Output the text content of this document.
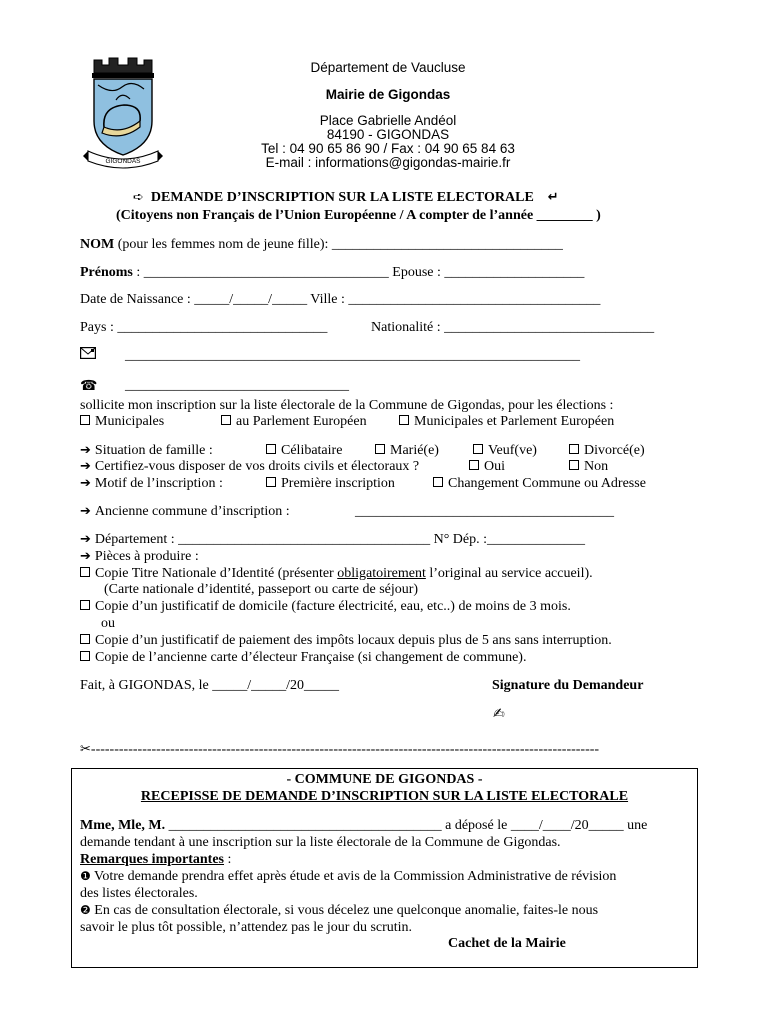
GIGONDAS
Département de Vaucluse
Mairie de Gigondas
Place Gabrielle Andéol
84190 - GIGONDAS
Tel : 04 90 65 86 90 / Fax : 04 90 65 84 63
E-mail : informations@gigondas-mairie.fr
➪ DEMANDE D’INSCRIPTION SUR LA LISTE ELECTORALE ↵
(Citoyens non Français de l’Union Européenne / A compter de l’année ________ )
NOM (pour les femmes nom de jeune fille): _________________________________
Prénoms : ___________________________________ Epouse : ____________________
Date de Naissance : _____/_____/_____ Ville : ____________________________________
Pays : ______________________________	Nationalité : ______________________________
_________________________________________________________________
☎ ________________________________
sollicite mon inscription sur la liste électorale de la Commune de Gigondas, pour les élections :
Municipales	au Parlement Européen	Municipales et Parlement Européen
➔ Situation de famille :	Célibataire	Marié(e)	Veuf(ve)	Divorcé(e)
➔ Certifiez-vous disposer de vos droits civils et électoraux ?	Oui	Non
➔ Motif de l’inscription :	Première inscription	Changement Commune ou Adresse
➔ Ancienne commune d’inscription :	_____________________________________
➔ Département : ____________________________________ N° Dép. :______________
➔ Pièces à produire :
Copie Titre Nationale d’Identité (présenter obligatoirement l’original au service accueil).
(Carte nationale d’identité, passeport ou carte de séjour)
Copie d’un justificatif de domicile (facture électricité, eau, etc..) de moins de 3 mois.
ou
Copie d’un justificatif de paiement des impôts locaux depuis plus de 5 ans sans interruption.
Copie de l’ancienne carte d’électeur Française (si changement de commune).
Fait, à GIGONDAS, le _____/_____/20_____	Signature du Demandeur
✍
✂-------------------------------------------------------------------------------------------------------------
- COMMUNE DE GIGONDAS -
RECEPISSE DE DEMANDE D’INSCRIPTION SUR LA LISTE ELECTORALE
Mme, Mle, M. _______________________________________ a déposé le ____/____/20_____ une
demande tendant à une inscription sur la liste électorale de la Commune de Gigondas.
Remarques importantes :
❶ Votre demande prendra effet après étude et avis de la Commission Administrative de révision
des listes électorales.
❷ En cas de consultation électorale, si vous décelez une quelconque anomalie, faites-le nous
savoir le plus tôt possible, n’attendez pas le jour du scrutin.
Cachet de la Mairie
